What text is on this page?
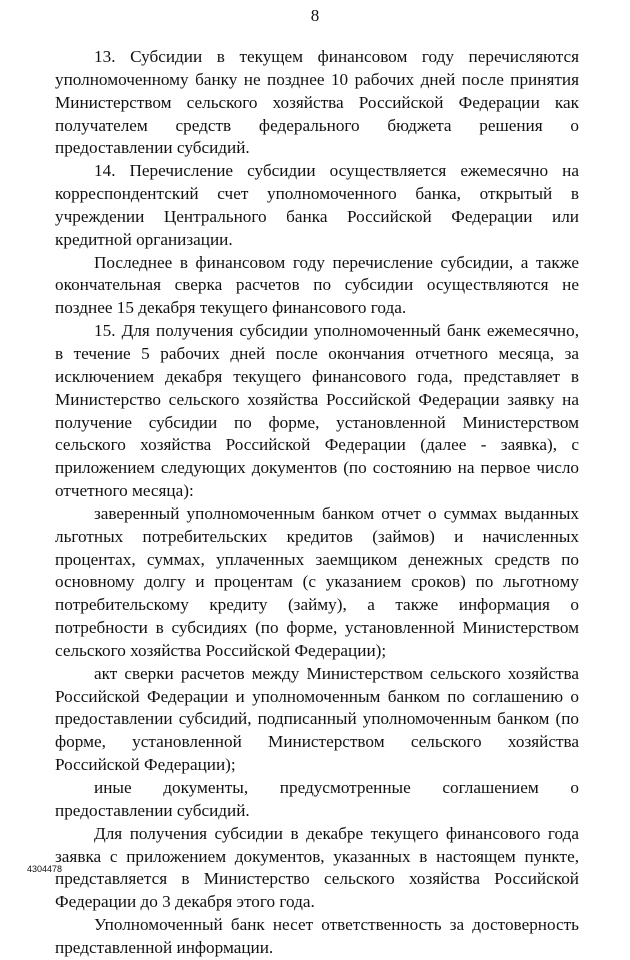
8

13. Субсидии в текущем финансовом году перечисляются уполномоченному банку не позднее 10 рабочих дней после принятия Министерством сельского хозяйства Российской Федерации как получателем средств федерального бюджета решения о предоставлении субсидий.

14. Перечисление субсидии осуществляется ежемесячно на корреспондентский счет уполномоченного банка, открытый в учреждении Центрального банка Российской Федерации или кредитной организации.

Последнее в финансовом году перечисление субсидии, а также окончательная сверка расчетов по субсидии осуществляются не позднее 15 декабря текущего финансового года.

15. Для получения субсидии уполномоченный банк ежемесячно, в течение 5 рабочих дней после окончания отчетного месяца, за исключением декабря текущего финансового года, представляет в Министерство сельского хозяйства Российской Федерации заявку на получение субсидии по форме, установленной Министерством сельского хозяйства Российской Федерации (далее - заявка), с приложением следующих документов (по состоянию на первое число отчетного месяца):

заверенный уполномоченным банком отчет о суммах выданных льготных потребительских кредитов (займов) и начисленных процентах, суммах, уплаченных заемщиком денежных средств по основному долгу и процентам (с указанием сроков) по льготному потребительскому кредиту (займу), а также информация о потребности в субсидиях (по форме, установленной Министерством сельского хозяйства Российской Федерации);

акт сверки расчетов между Министерством сельского хозяйства Российской Федерации и уполномоченным банком по соглашению о предоставлении субсидий, подписанный уполномоченным банком (по форме, установленной Министерством сельского хозяйства Российской Федерации);

иные документы, предусмотренные соглашением о предоставлении субсидий.

Для получения субсидии в декабре текущего финансового года заявка с приложением документов, указанных в настоящем пункте, представляется в Министерство сельского хозяйства Российской Федерации до 3 декабря этого года.

Уполномоченный банк несет ответственность за достоверность представленной информации.

4304478
